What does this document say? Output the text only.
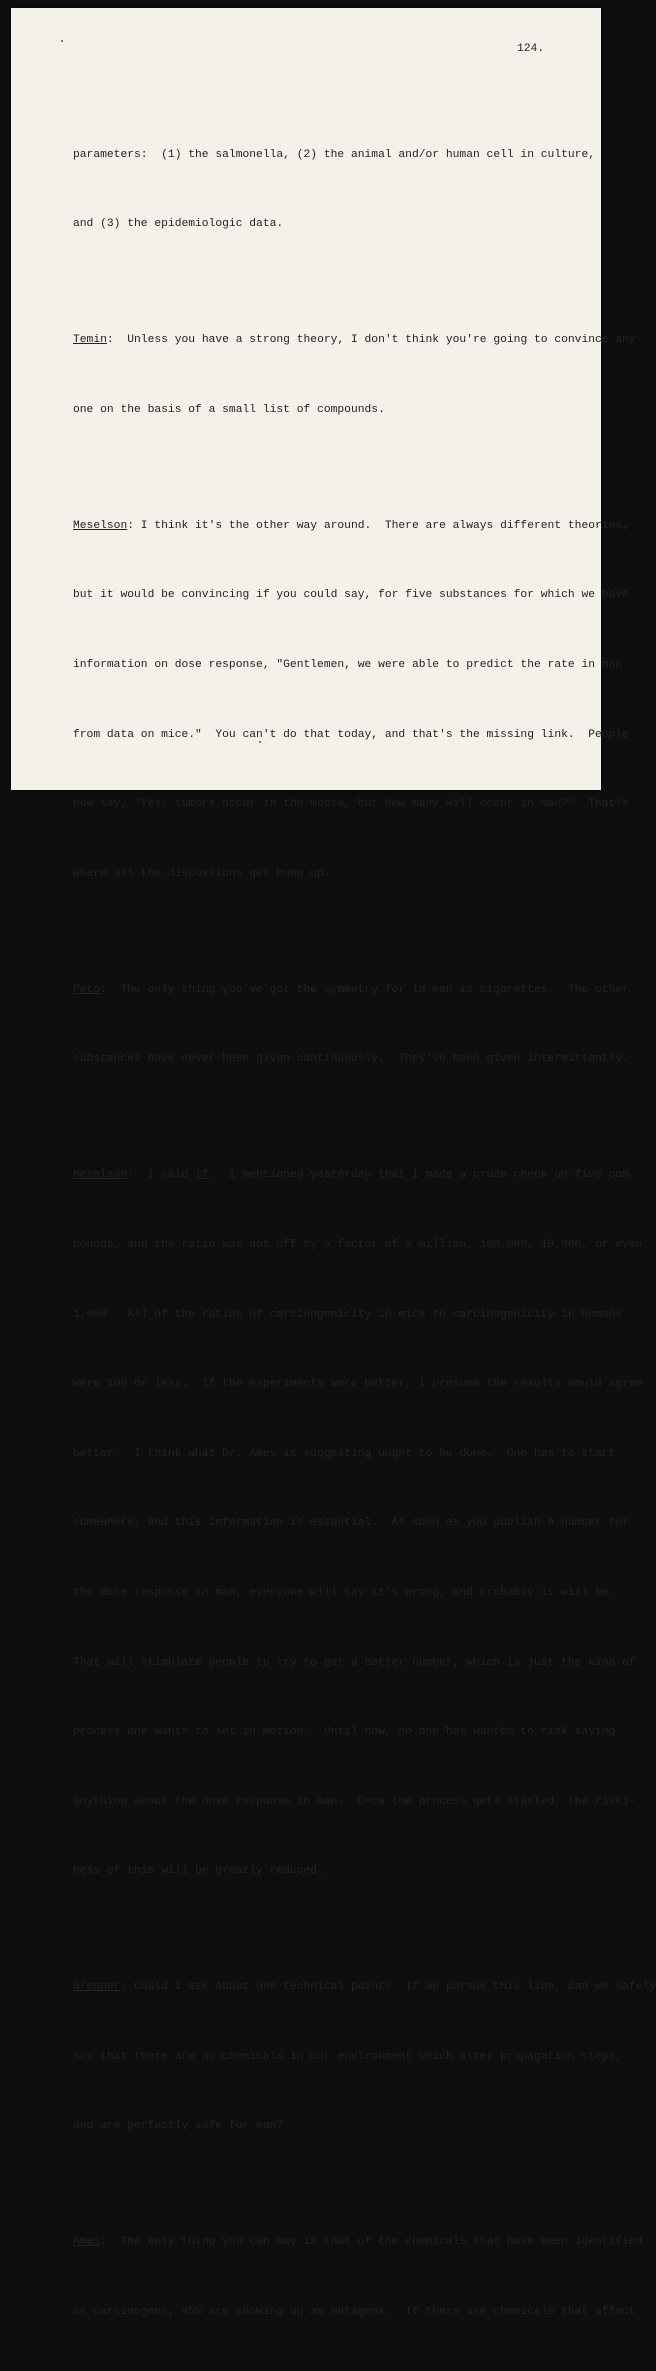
124.

parameters:  (1) the salmonella, (2) the animal and/or human cell in culture,

and (3) the epidemiologic data.

Temin:  Unless you have a strong theory, I don't think you're going to convince any-

one on the basis of a small list of compounds.

Meselson: I think it's the other way around.  There are always different theories,

but it would be convincing if you could say, for five substances for which we have

information on dose response, "Gentlemen, we were able to predict the rate in man

from data on mice."  You can't do that today, and that's the missing link.  People

now say, "Yes, tumors occur in the mouse, but how many will occur in man?"  That's

where all the discussions get hung up.

Peto:  The only thing you've got the symmetry for in man is cigarettes.  The other

substances have never been given continuously.  They've been given intermittently.

Meselson:  I said if.  I mentioned yesterday that I made a crude check on five com-

pounds, and the ratio was not off by a factor of a million, 100,000, 10,000, or even

1,000.  All of the ratios of carcinogenicity in mice to carcinogenicity in humans

were 100 or less.  If the experiments were better, I presume the results would agree

better.  I think what Dr. Ames is suggesting ought to be done.  One has to start

somewhere, and this information is essential.  As soon as you publish a number for

the dose response in man, everyone will say it's wrong, and probably it will be.

That will stimulate people to try to get a better number, which is just the kind of

process one wants to set in motion.  Until now, no one has wanted to risk saying

anything about the dose response in man.  Once the process gets started, the riski-

ness of this will be greatly reduced.

Brenner: Could I ask about one technical point?  If we pursue this line, can we safely

say that there are no chemicals in our environment which alter propagation steps,

and are perfectly safe for man?

Ames:  The only thing you can say is that of the chemicals that have been identified

as carcinogens, 95% are showing up as mutagens.  If there are chemicals that affect
